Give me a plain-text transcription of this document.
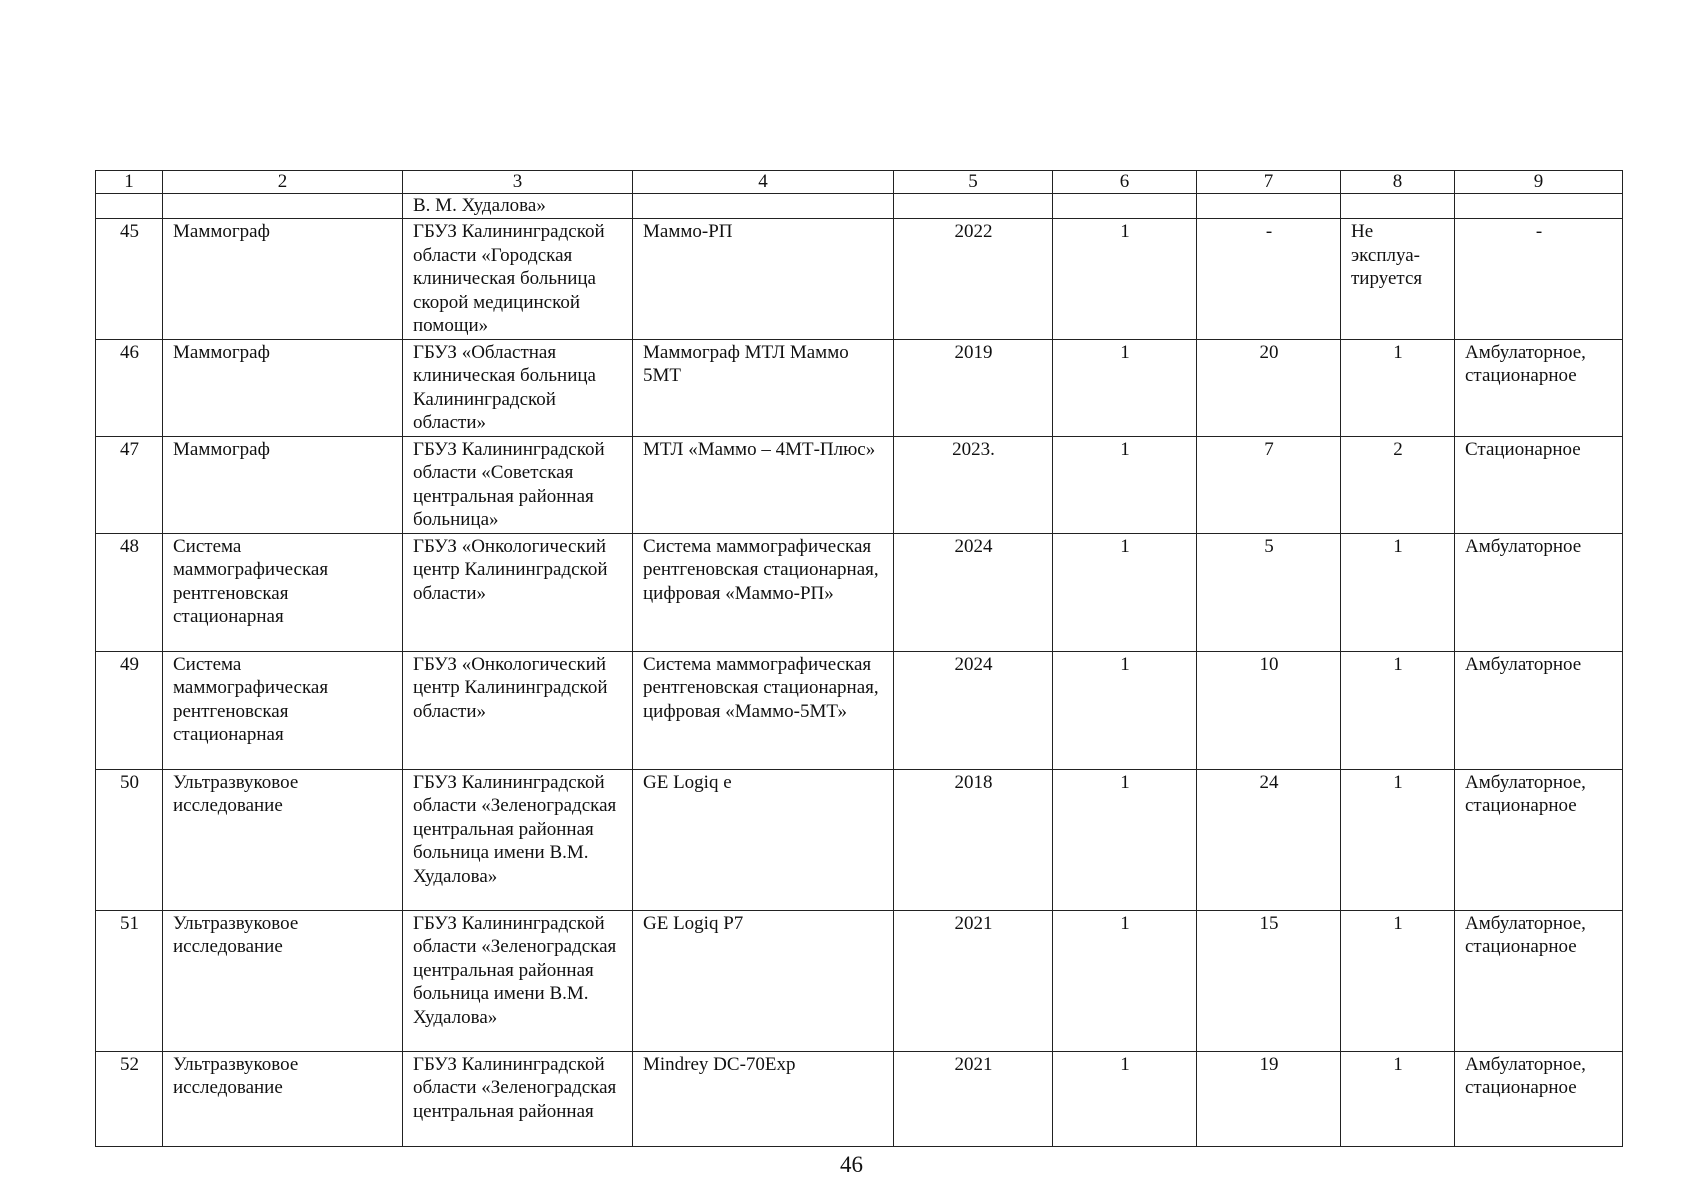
1	2	3	4	5	6	7	8	9
		В. М. Худалова»						
45	Маммограф	ГБУЗ Калининградской области «Городская клиническая больница скорой медицинской помощи»	Маммо-РП	2022	1	-	Не эксплуа-тируется	-
46	Маммограф	ГБУЗ «Областная клиническая больница Калининградской области»	Маммограф МТЛ Маммо 5МТ	2019	1	20	1	Амбулаторное, стационарное
47	Маммограф	ГБУЗ Калининградской области «Советская центральная районная больница»	МТЛ «Маммо – 4МТ-Плюс»	2023.	1	7	2	Стационарное
48	Система маммографическая рентгеновская стационарная	ГБУЗ «Онкологический центр Калининградской области»	Система маммографическая рентгеновская стационарная, цифровая «Маммо-РП»	2024	1	5	1	Амбулаторное
49	Система маммографическая рентгеновская стационарная	ГБУЗ «Онкологический центр Калининградской области»	Система маммографическая рентгеновская стационарная, цифровая «Маммо-5МТ»	2024	1	10	1	Амбулаторное
50	Ультразвуковое исследование	ГБУЗ Калининградской области «Зеленоградская центральная районная больница имени В.М. Худалова»	GE Logiq e	2018	1	24	1	Амбулаторное, стационарное
51	Ультразвуковое исследование	ГБУЗ Калининградской области «Зеленоградская центральная районная больница имени В.М. Худалова»	GE Logiq P7	2021	1	15	1	Амбулаторное, стационарное
52	Ультразвуковое исследование	ГБУЗ Калининградской области «Зеленоградская центральная районная	Mindrey DC-70Exp	2021	1	19	1	Амбулаторное, стационарное
46
